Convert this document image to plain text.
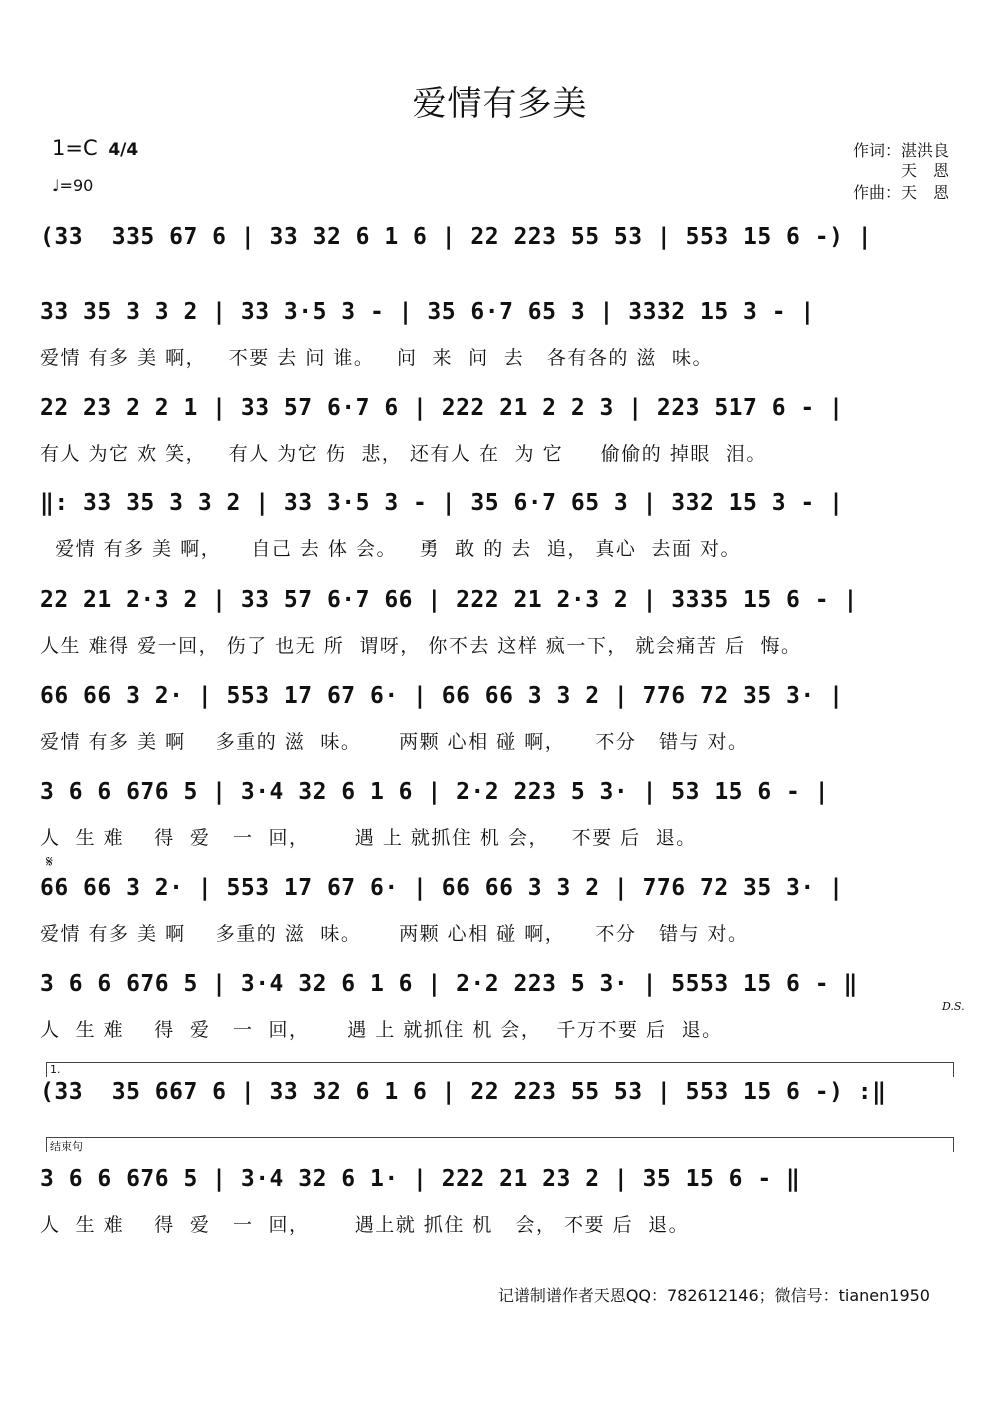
爱情有多美
1=C 4/4
♩=90
作词：湛洪良
天　恩
作曲：天　恩
(33  335 67 6 | 33 32 6 1 6 | 22 223 55 53 | 553 15 6 -) |
33 35 3 3 2 | 33 3·5 3 - | 35 6·7 65 3 | 3332 15 3 - |
爱情 有多 美 啊，   不要 去 问 谁。   问  来  问  去   各有各的 滋  味。
22 23 2 2 1 | 33 57 6·7 6 | 222 21 2 2 3 | 223 517 6 - |
有人 为它 欢 笑，   有人 为它 伤  悲， 还有人 在  为 它     偷偷的 掉眼  泪。
‖: 33 35 3 3 2 | 33 3·5 3 - | 35 6·7 65 3 | 332 15 3 - |
爱情 有多 美 啊，    自己 去 体 会。   勇  敢 的 去  追， 真心  去面 对。
22 21 2·3 2 | 33 57 6·7 66 | 222 21 2·3 2 | 3335 15 6 - |
人生 难得 爱一回， 伤了 也无 所  谓呀， 你不去 这样 疯一下， 就会痛苦 后  悔。
66 66 3 2· | 553 17 67 6· | 66 66 3 3 2 | 776 72 35 3· |
爱情 有多 美 啊    多重的 滋  味。     两颗 心相 碰 啊，    不分   错与 对。
3 6 6 676 5 | 3·4 32 6 1 6 | 2·2 223 5 3· | 53 15 6 - |
人  生 难    得  爱   一  回，      遇 上 就抓住 机 会，   不要 后  退。
𝄋
66 66 3 2· | 553 17 67 6· | 66 66 3 3 2 | 776 72 35 3· |
爱情 有多 美 啊    多重的 滋  味。     两颗 心相 碰 啊，    不分   错与 对。
3 6 6 676 5 | 3·4 32 6 1 6 | 2·2 223 5 3· | 5553 15 6 - ‖
人  生 难    得  爱   一  回，     遇 上 就抓住 机 会，  千万不要 后  退。
D.S.
1.
(33  35 667 6 | 33 32 6 1 6 | 22 223 55 53 | 553 15 6 -) :‖
结束句
3 6 6 676 5 | 3·4 32 6 1· | 222 21 23 2 | 35 15 6 - ‖
人  生 难    得  爱   一  回，      遇上就 抓住 机   会， 不要 后  退。
记谱制谱作者天恩QQ：782612146；微信号：tianen1950
